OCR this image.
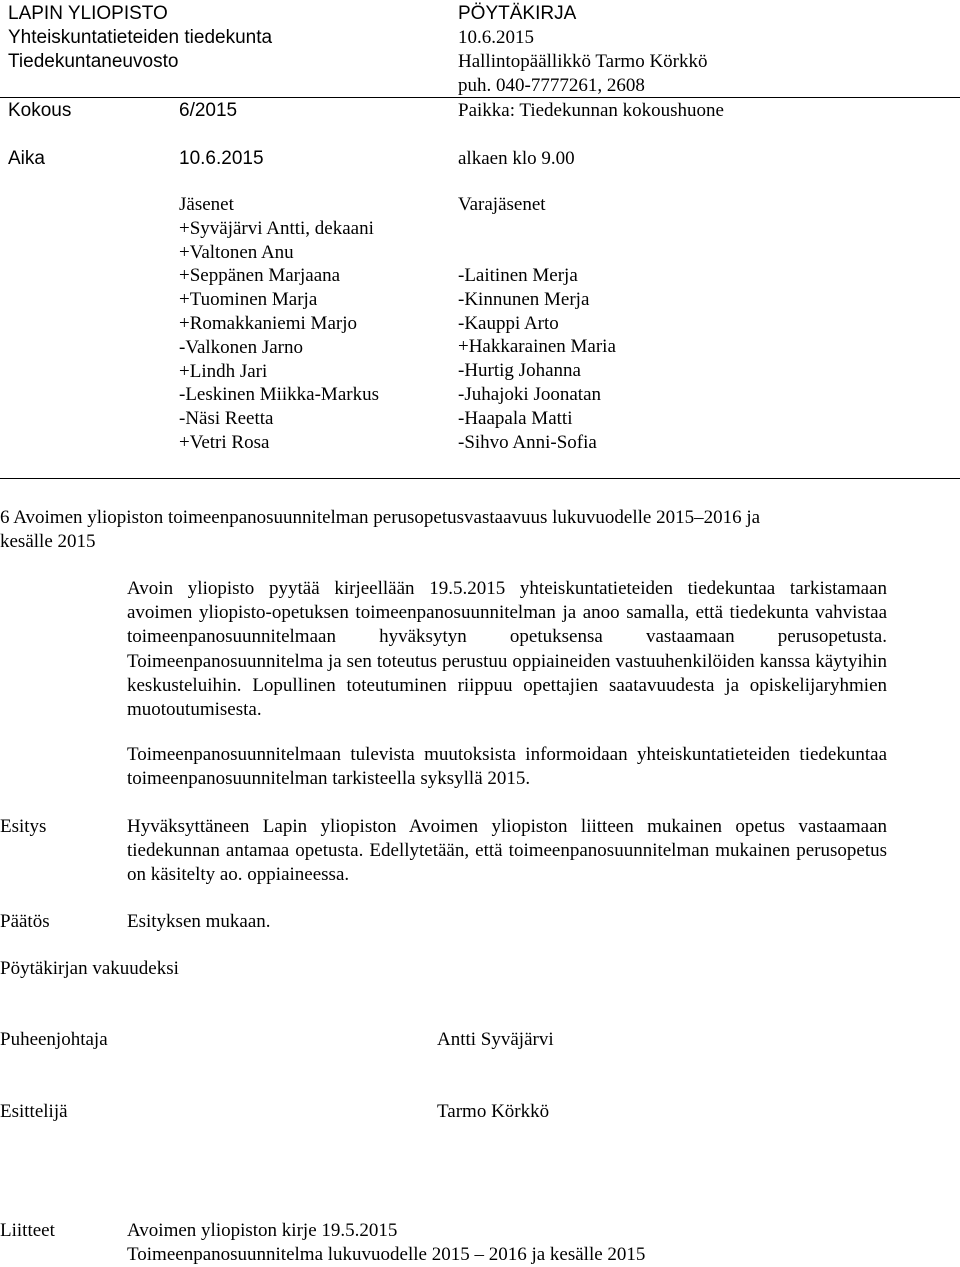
LAPIN YLIOPISTO
Yhteiskuntatieteiden tiedekunta
Tiedekuntaneuvosto
PÖYTÄKIRJA
10.6.2015
Hallintopäällikkö Tarmo Körkkö
puh. 040-7777261, 2608
Kokous	6/2015	Paikka: Tiedekunnan kokoushuone
Aika	10.6.2015	alkaen klo 9.00
Jäsenet
+Syväjärvi Antti, dekaani
+Valtonen Anu
+Seppänen Marjaana
+Tuominen Marja
+Romakkaniemi Marjo
-Valkonen Jarno
+Lindh Jari
-Leskinen Miikka-Markus
-Näsi Reetta
+Vetri Rosa
Varajäsenet
-Laitinen Merja
-Kinnunen Merja
-Kauppi Arto
+Hakkarainen Maria
-Hurtig Johanna
-Juhajoki Joonatan
-Haapala Matti
-Sihvo Anni-Sofia
6 Avoimen yliopiston toimeenpanosuunnitelman perusopetusvastaavuus lukuvuodelle 2015–2016 ja
kesälle 2015
Avoin yliopisto pyytää kirjeellään 19.5.2015 yhteiskuntatieteiden tiedekuntaa tarkistamaan avoimen yliopisto-opetuksen toimeenpanosuunnitelman ja anoo samalla, että tiedekunta vahvistaa toimeenpanosuunnitelmaan hyväksytyn opetuksensa vastaamaan perusopetusta. Toimeenpanosuunnitelma ja sen toteutus perustuu oppiaineiden vastuuhenkilöiden kanssa käytyihin keskusteluihin. Lopullinen toteutuminen riippuu opettajien saatavuudesta ja opiskelijaryhmien muotoutumisesta.
Toimeenpanosuunnitelmaan tulevista muutoksista informoidaan yhteiskuntatieteiden tiedekuntaa toimeenpanosuunnitelman tarkisteella syksyllä 2015.
Esitys	Hyväksyttäneen Lapin yliopiston Avoimen yliopiston liitteen mukainen opetus vastaamaan tiedekunnan antamaa opetusta. Edellytetään, että toimeenpanosuunnitelman mukainen perusopetus on käsitelty ao. oppiaineessa.
Päätös	Esityksen mukaan.
Pöytäkirjan vakuudeksi
Puheenjohtaja	Antti Syväjärvi
Esittelijä	Tarmo Körkkö
Liitteet	Avoimen yliopiston kirje 19.5.2015
Toimeenpanosuunnitelma lukuvuodelle 2015 – 2016 ja kesälle 2015
